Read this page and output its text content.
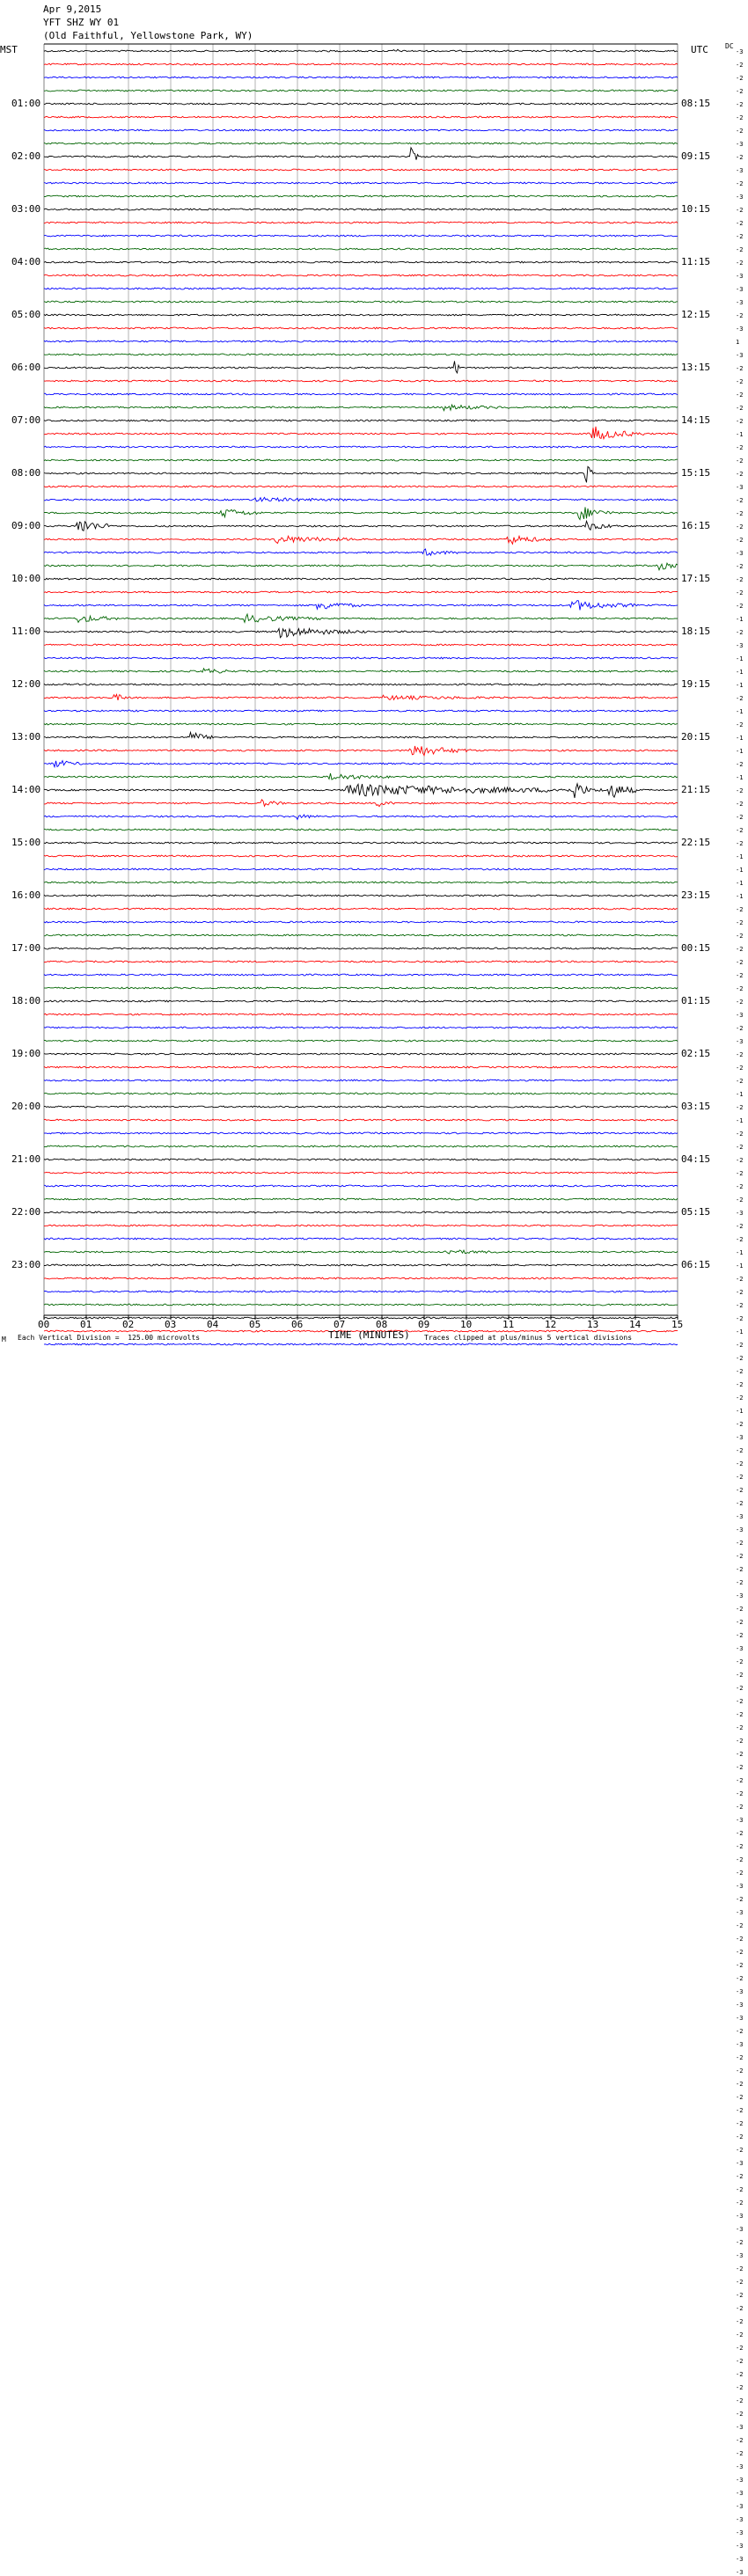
Apr 9,2015
YFT SHZ WY 01
(Old Faithful, Yellowstone Park, WY)
MST	UTC DC
01:00
02:00
03:00
04:00
05:00
06:00
07:00
08:00
09:00
10:00
11:00
12:00
13:00
14:00
15:00
16:00
17:00
18:00
19:00
20:00
21:00
22:00
23:00
08:15
09:15
10:15
11:15
12:15
13:15
14:15
15:15
16:15
17:15
18:15
19:15
20:15
21:15
22:15
23:15
00:15
01:15
02:15
03:15
04:15
05:15
06:15
-3
-2
-2
-2
-2
-2
-2
-3
-2
-3
-2
-3
-2
-2
-2
-2
-2
-3
-3
-3
-2
-3
1
-3
-2
-2
-2
-2
-2
-1
-2
-2
-2
-3
-2
-2
-2
-2
-3
-2
-2
-2
-2
-1
-2
-3
-1
-1
-1
-2
-1
-2
-1
-1
-2
-1
-2
-2
-2
-2
-2
-1
-1
-1
-1
-2
-2
-2
-2
-2
-2
-2
-2
-3
-2
-3
-2
-2
-2
-1
-2
-1
-2
-2
-2
-2
-2
-2
-3
-2
-2
-1
-1
-2
-2
-2
-2
-1
-2
-2
-2
-2
-2
-1
-2
-3
-2
-2
-2
-2
-2
-3
-3
-2
-2
-2
-2
-3
-2
-2
-2
-3
-2
-2
-2
-2
-2
-2
-2
-2
-2
-2
-2
-2
-3
-2
-2
-2
-2
-3
-2
-3
-2
-2
-2
-2
-2
-3
-3
-3
-2
-3
-2
-2
-2
-2
-2
-2
-2
-2
-3
-2
-2
-2
-3
-3
-2
-3
-2
-2
-2
-2
-2
-2
-2
-2
-2
-2
-2
-2
-3
-2
-2
-3
-3
-3
-3
-3
-3
-3
-3
-3
00	01	02	03	04	05	06	07	08	09	10	11	12	13	14	15
TIME (MINUTES)
M Each Vertical Division =  125.00 microvolts	Traces clipped at plus/minus 5 vertical divisions
